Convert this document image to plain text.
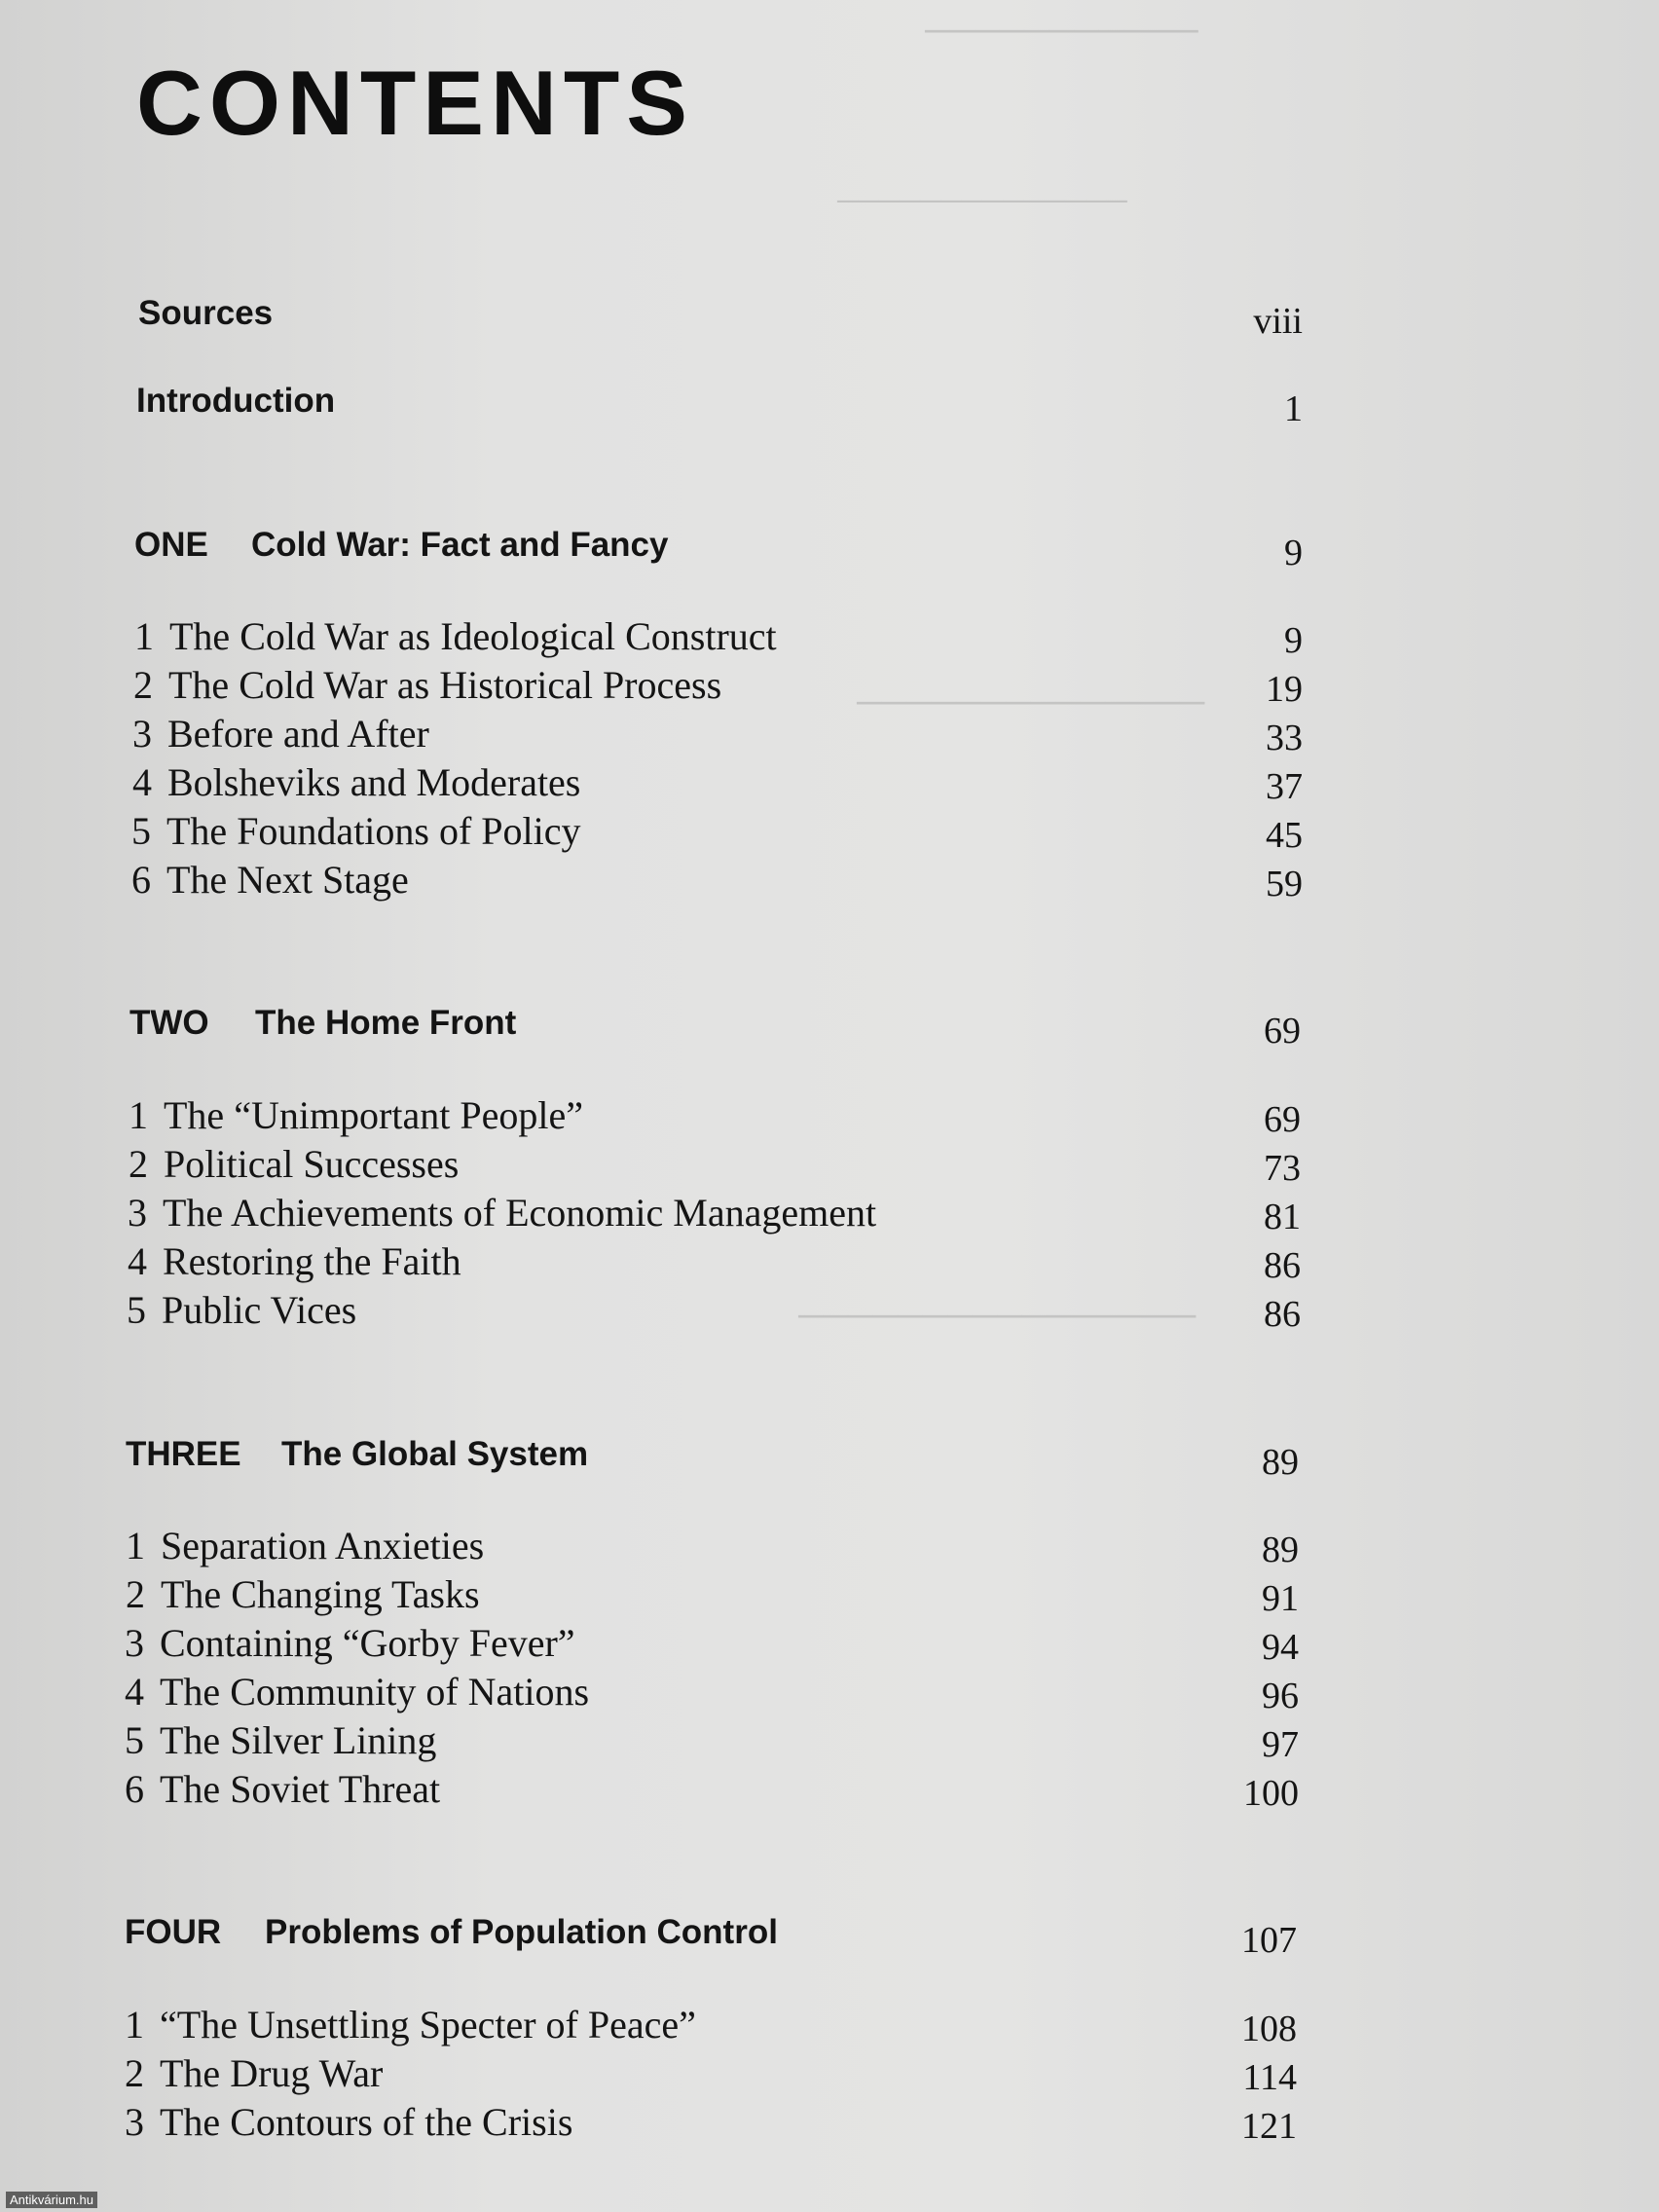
───────────
──────────────
──────────────
────────────────
CONTENTS
Sources	viii
Introduction	1
ONE Cold War: Fact and Fancy	9
1 The Cold War as Ideological Construct	9
2 The Cold War as Historical Process	19
3 Before and After	33
4 Bolsheviks and Moderates	37
5 The Foundations of Policy	45
6 The Next Stage	59
TWO The Home Front	69
1 The “Unimportant People”	69
2 Political Successes	73
3 The Achievements of Economic Management	81
4 Restoring the Faith	86
5 Public Vices	86
THREE The Global System	89
1 Separation Anxieties	89
2 The Changing Tasks	91
3 Containing “Gorby Fever”	94
4 The Community of Nations	96
5 The Silver Lining	97
6 The Soviet Threat	100
FOUR Problems of Population Control	107
1 “The Unsettling Specter of Peace”	108
2 The Drug War	114
3 The Contours of the Crisis	121
Antikvárium.hu
